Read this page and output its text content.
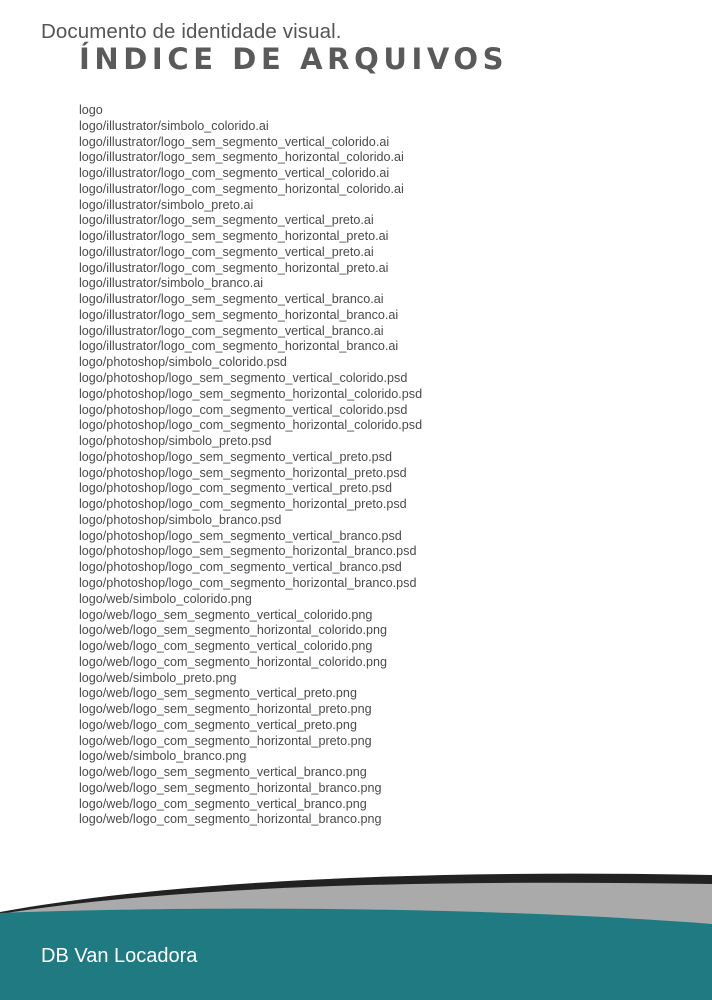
Documento de identidade visual.
ÍNDICE DE ARQUIVOS
logo
logo/illustrator/simbolo_colorido.ai
logo/illustrator/logo_sem_segmento_vertical_colorido.ai
logo/illustrator/logo_sem_segmento_horizontal_colorido.ai
logo/illustrator/logo_com_segmento_vertical_colorido.ai
logo/illustrator/logo_com_segmento_horizontal_colorido.ai
logo/illustrator/simbolo_preto.ai
logo/illustrator/logo_sem_segmento_vertical_preto.ai
logo/illustrator/logo_sem_segmento_horizontal_preto.ai
logo/illustrator/logo_com_segmento_vertical_preto.ai
logo/illustrator/logo_com_segmento_horizontal_preto.ai
logo/illustrator/simbolo_branco.ai
logo/illustrator/logo_sem_segmento_vertical_branco.ai
logo/illustrator/logo_sem_segmento_horizontal_branco.ai
logo/illustrator/logo_com_segmento_vertical_branco.ai
logo/illustrator/logo_com_segmento_horizontal_branco.ai
logo/photoshop/simbolo_colorido.psd
logo/photoshop/logo_sem_segmento_vertical_colorido.psd
logo/photoshop/logo_sem_segmento_horizontal_colorido.psd
logo/photoshop/logo_com_segmento_vertical_colorido.psd
logo/photoshop/logo_com_segmento_horizontal_colorido.psd
logo/photoshop/simbolo_preto.psd
logo/photoshop/logo_sem_segmento_vertical_preto.psd
logo/photoshop/logo_sem_segmento_horizontal_preto.psd
logo/photoshop/logo_com_segmento_vertical_preto.psd
logo/photoshop/logo_com_segmento_horizontal_preto.psd
logo/photoshop/simbolo_branco.psd
logo/photoshop/logo_sem_segmento_vertical_branco.psd
logo/photoshop/logo_sem_segmento_horizontal_branco.psd
logo/photoshop/logo_com_segmento_vertical_branco.psd
logo/photoshop/logo_com_segmento_horizontal_branco.psd
logo/web/simbolo_colorido.png
logo/web/logo_sem_segmento_vertical_colorido.png
logo/web/logo_sem_segmento_horizontal_colorido.png
logo/web/logo_com_segmento_vertical_colorido.png
logo/web/logo_com_segmento_horizontal_colorido.png
logo/web/simbolo_preto.png
logo/web/logo_sem_segmento_vertical_preto.png
logo/web/logo_sem_segmento_horizontal_preto.png
logo/web/logo_com_segmento_vertical_preto.png
logo/web/logo_com_segmento_horizontal_preto.png
logo/web/simbolo_branco.png
logo/web/logo_sem_segmento_vertical_branco.png
logo/web/logo_sem_segmento_horizontal_branco.png
logo/web/logo_com_segmento_vertical_branco.png
logo/web/logo_com_segmento_horizontal_branco.png
DB Van Locadora
